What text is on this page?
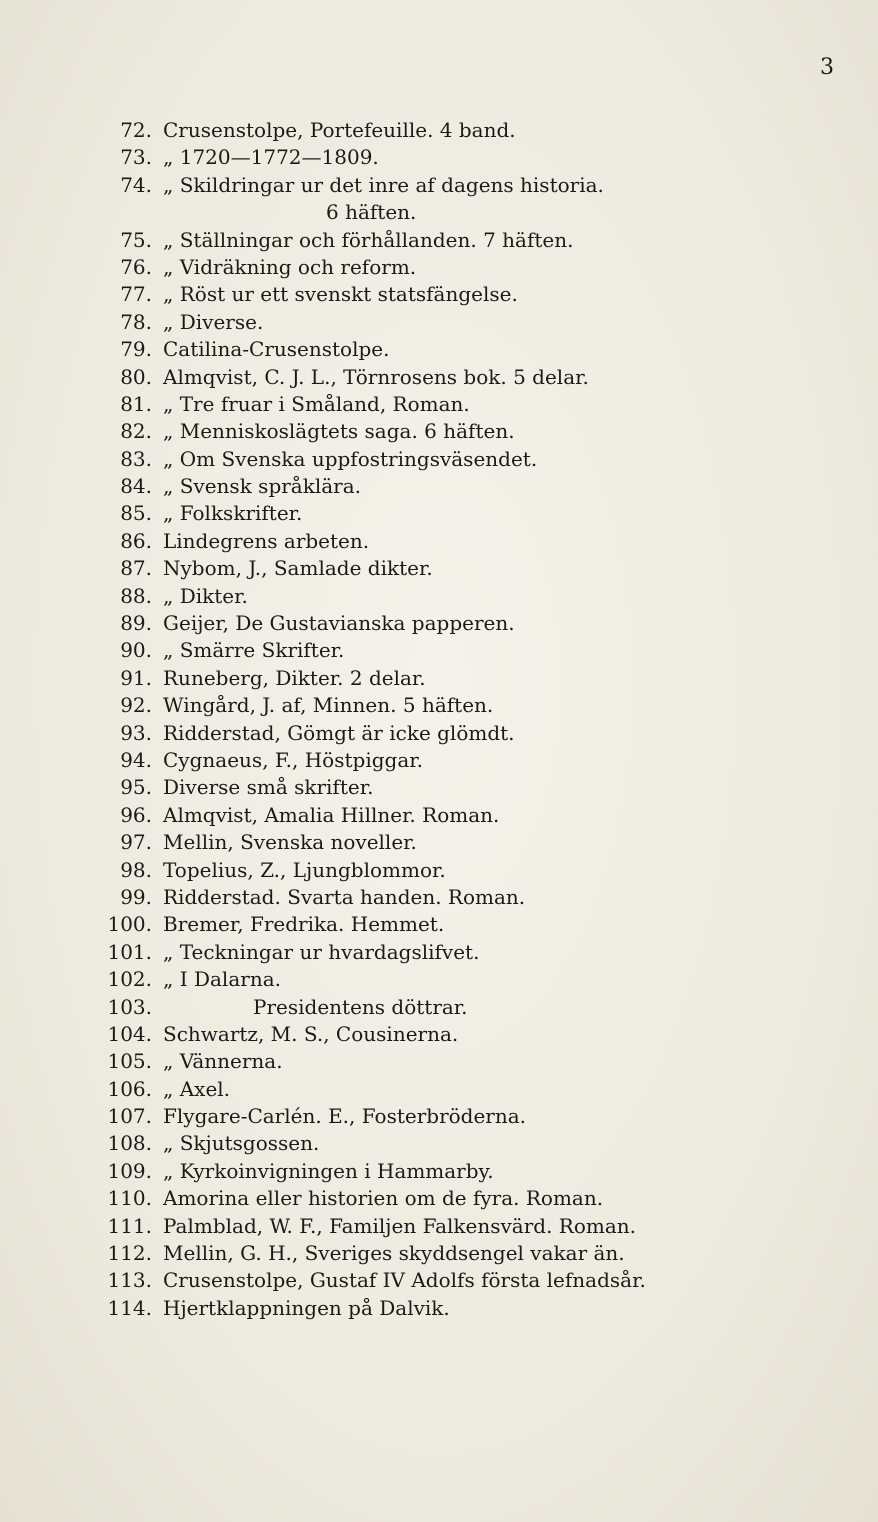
3
72. Crusenstolpe, Portefeuille. 4 band.
73. „ 1720—1772—1809.
74. „ Skildringar ur det inre af dagens historia.
6 häften.
75. „ Ställningar och förhållanden. 7 häften.
76. „ Vidräkning och reform.
77. „ Röst ur ett svenskt statsfängelse.
78. „ Diverse.
79. Catilina-Crusenstolpe.
80. Almqvist, C. J. L., Törnrosens bok. 5 delar.
81. „ Tre fruar i Småland, Roman.
82. „ Menniskoslägtets saga. 6 häften.
83. „ Om Svenska uppfostringsväsendet.
84. „ Svensk språklära.
85. „ Folkskrifter.
86. Lindegrens arbeten.
87. Nybom, J., Samlade dikter.
88. „ Dikter.
89. Geijer, De Gustavianska papperen.
90. „ Smärre Skrifter.
91. Runeberg, Dikter. 2 delar.
92. Wingård, J. af, Minnen. 5 häften.
93. Ridderstad, Gömgt är icke glömdt.
94. Cygnaeus, F., Höstpiggar.
95. Diverse små skrifter.
96. Almqvist, Amalia Hillner. Roman.
97. Mellin, Svenska noveller.
98. Topelius, Z., Ljungblommor.
99. Ridderstad. Svarta handen. Roman.
100. Bremer, Fredrika. Hemmet.
101. „ Teckningar ur hvardagslifvet.
102. „ I Dalarna.
103.	Presidentens döttrar.
104. Schwartz, M. S., Cousinerna.
105. „ Vännerna.
106. „ Axel.
107. Flygare-Carlén. E., Fosterbröderna.
108. „ Skjutsgossen.
109. „ Kyrkoinvigningen i Hammarby.
110. Amorina eller historien om de fyra. Roman.
111. Palmblad, W. F., Familjen Falkensvärd. Roman.
112. Mellin, G. H., Sveriges skyddsengel vakar än.
113. Crusenstolpe, Gustaf IV Adolfs första lefnadsår.
114. Hjertklappningen på Dalvik.
